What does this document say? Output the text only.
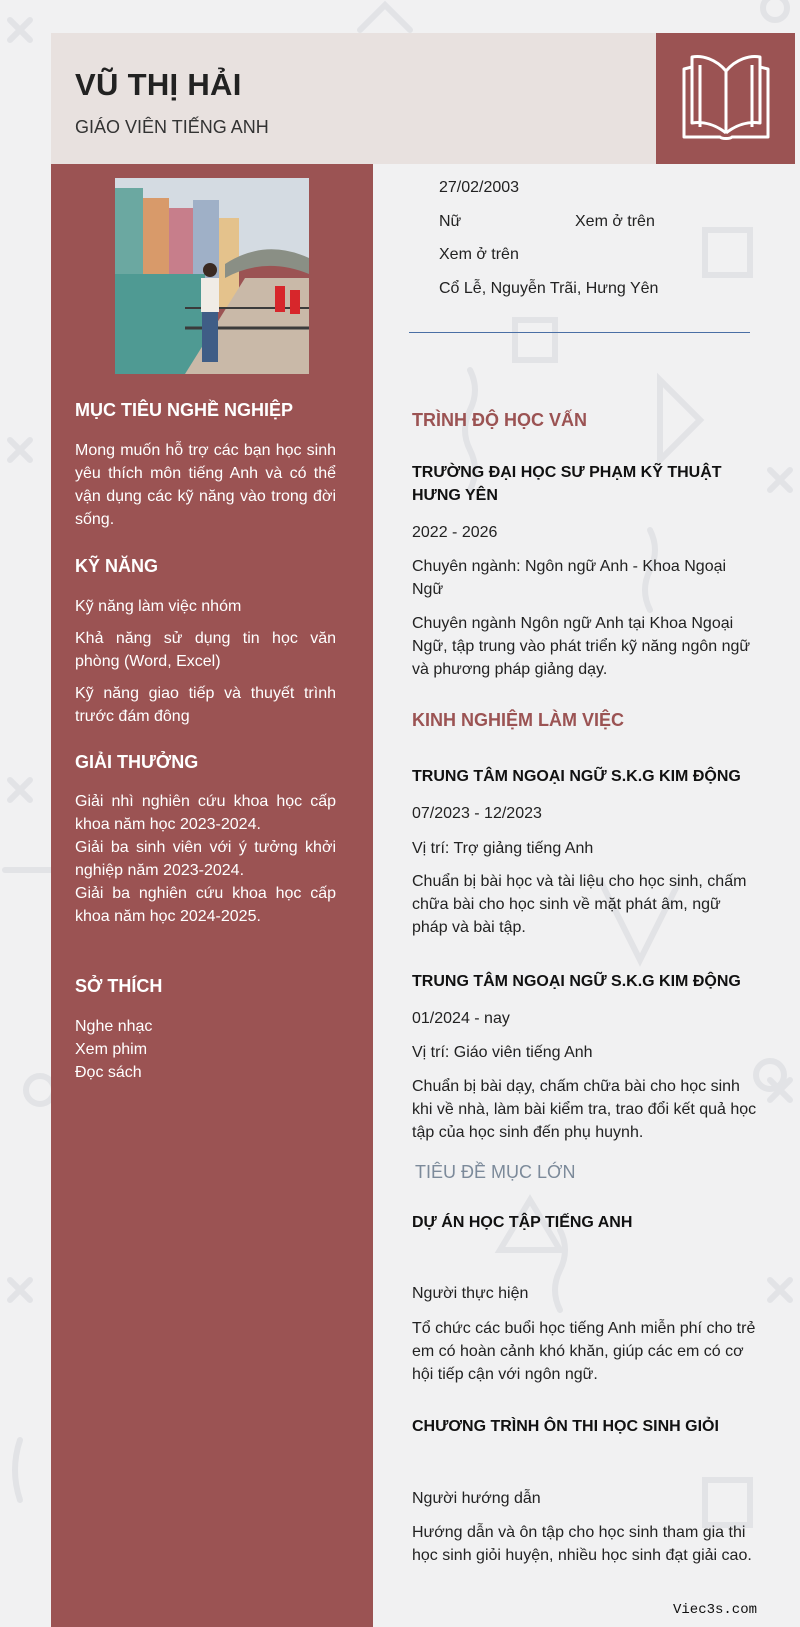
VŨ THỊ HẢI

GIÁO VIÊN TIẾNG ANH

MỤC TIÊU NGHỀ NGHIỆP

Mong muốn hỗ trợ các bạn học sinh yêu thích môn tiếng Anh và có thể vận dụng các kỹ năng vào trong đời sống.

KỸ NĂNG
Kỹ năng làm việc nhóm
Khả năng sử dụng tin học văn phòng (Word, Excel)
Kỹ năng giao tiếp và thuyết trình trước đám đông
GIẢI THƯỞNG
Giải nhì nghiên cứu khoa học cấp khoa năm học 2023-2024.
Giải ba sinh viên với ý tưởng khởi nghiệp năm 2023-2024.
Giải ba nghiên cứu khoa học cấp khoa năm học 2024-2025.
SỞ THÍCH
Nghe nhạc
Xem phim
Đọc sách
27/02/2003
Nữ	Xem ở trên
Xem ở trên
Cổ Lễ, Nguyễn Trãi, Hưng Yên
TRÌNH ĐỘ HỌC VẤN

TRƯỜNG ĐẠI HỌC SƯ PHẠM KỸ THUẬT HƯNG YÊN

2022 - 2026

Chuyên ngành: Ngôn ngữ Anh - Khoa Ngoại Ngữ

Chuyên ngành Ngôn ngữ Anh tại Khoa Ngoại Ngữ, tập trung vào phát triển kỹ năng ngôn ngữ và phương pháp giảng dạy.

KINH NGHIỆM LÀM VIỆC

TRUNG TÂM NGOẠI NGỮ S.K.G KIM ĐỘNG

07/2023 - 12/2023

Vị trí: Trợ giảng tiếng Anh

Chuẩn bị bài học và tài liệu cho học sinh, chấm chữa bài cho học sinh về mặt phát âm, ngữ pháp và bài tập.

TRUNG TÂM NGOẠI NGỮ S.K.G KIM ĐỘNG

01/2024 - nay

Vị trí: Giáo viên tiếng Anh

Chuẩn bị bài dạy, chấm chữa bài cho học sinh khi về nhà, làm bài kiểm tra, trao đổi kết quả học tập của học sinh đến phụ huynh.

TIÊU ĐỀ MỤC LỚN

DỰ ÁN HỌC TẬP TIẾNG ANH

Người thực hiện

Tổ chức các buổi học tiếng Anh miễn phí cho trẻ em có hoàn cảnh khó khăn, giúp các em có cơ hội tiếp cận với ngôn ngữ.

CHƯƠNG TRÌNH ÔN THI HỌC SINH GIỎI

Người hướng dẫn

Hướng dẫn và ôn tập cho học sinh tham gia thi học sinh giỏi huyện, nhiều học sinh đạt giải cao.

Viec3s.com
